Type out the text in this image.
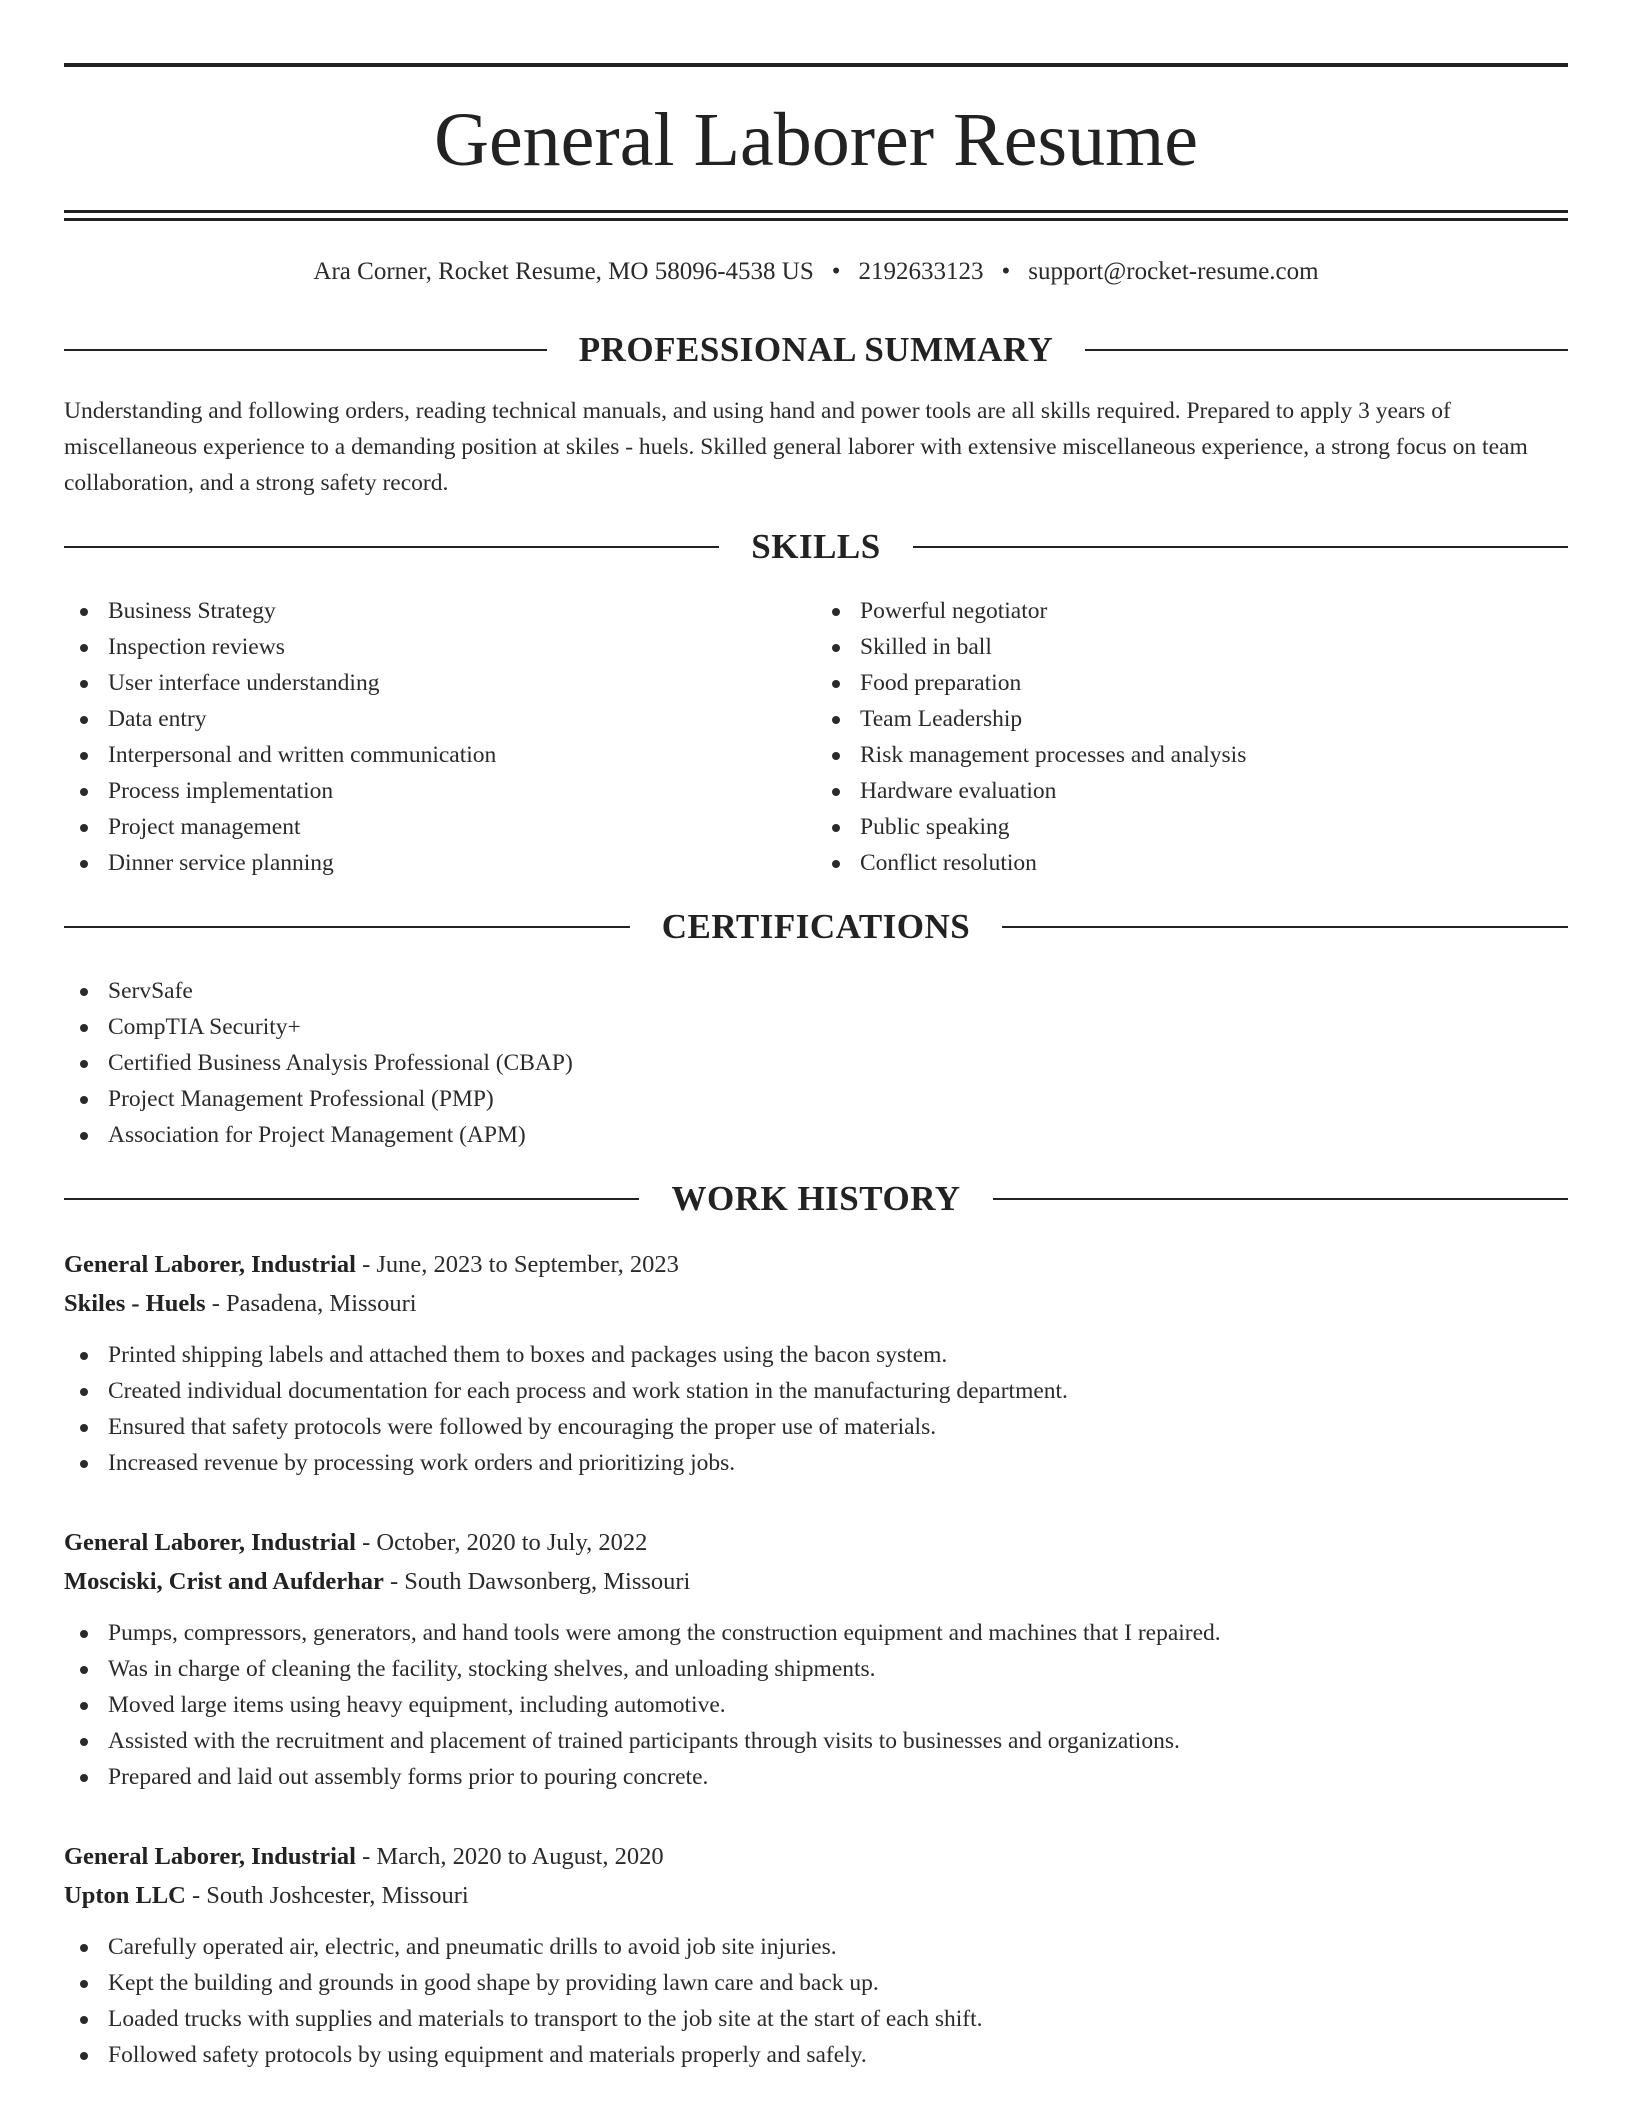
General Laborer Resume
Ara Corner, Rocket Resume, MO 58096-4538 US • 2192633123 • support@rocket-resume.com
PROFESSIONAL SUMMARY

Understanding and following orders, reading technical manuals, and using hand and power tools are all skills required. Prepared to apply 3 years of miscellaneous experience to a demanding position at skiles - huels. Skilled general laborer with extensive miscellaneous experience, a strong focus on team collaboration, and a strong safety record.

SKILLS
Business Strategy
Inspection reviews
User interface understanding
Data entry
Interpersonal and written communication
Process implementation
Project management
Dinner service planning
Powerful negotiator
Skilled in ball
Food preparation
Team Leadership
Risk management processes and analysis
Hardware evaluation
Public speaking
Conflict resolution
CERTIFICATIONS
ServSafe
CompTIA Security+
Certified Business Analysis Professional (CBAP)
Project Management Professional (PMP)
Association for Project Management (APM)
WORK HISTORY
General Laborer, Industrial - June, 2023 to September, 2023
Skiles - Huels - Pasadena, Missouri
Printed shipping labels and attached them to boxes and packages using the bacon system.
Created individual documentation for each process and work station in the manufacturing department.
Ensured that safety protocols were followed by encouraging the proper use of materials.
Increased revenue by processing work orders and prioritizing jobs.
General Laborer, Industrial - October, 2020 to July, 2022
Mosciski, Crist and Aufderhar - South Dawsonberg, Missouri
Pumps, compressors, generators, and hand tools were among the construction equipment and machines that I repaired.
Was in charge of cleaning the facility, stocking shelves, and unloading shipments.
Moved large items using heavy equipment, including automotive.
Assisted with the recruitment and placement of trained participants through visits to businesses and organizations.
Prepared and laid out assembly forms prior to pouring concrete.
General Laborer, Industrial - March, 2020 to August, 2020
Upton LLC - South Joshcester, Missouri
Carefully operated air, electric, and pneumatic drills to avoid job site injuries.
Kept the building and grounds in good shape by providing lawn care and back up.
Loaded trucks with supplies and materials to transport to the job site at the start of each shift.
Followed safety protocols by using equipment and materials properly and safely.
